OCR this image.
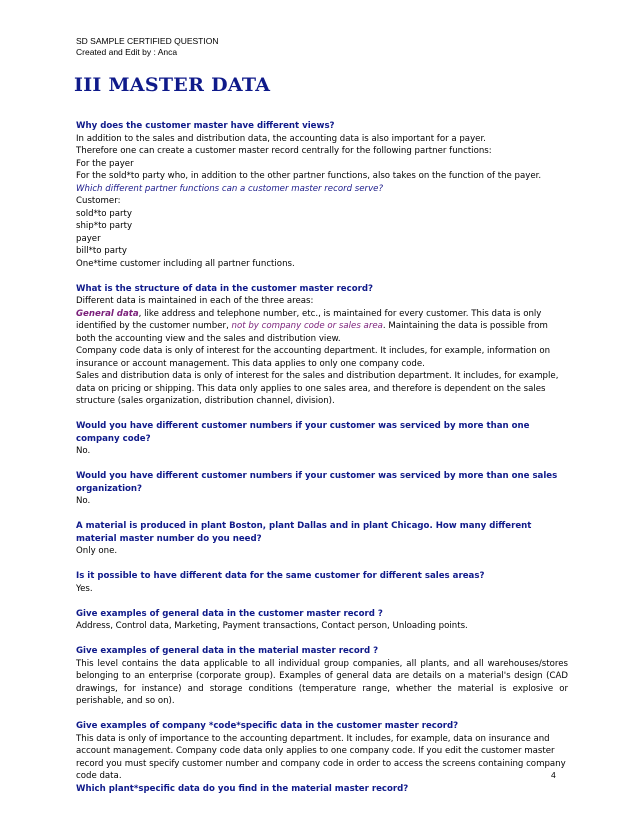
SD SAMPLE CERTIFIED QUESTION
Created and Edit by : Anca
III MASTER DATA
Why does the customer master have different views?
In addition to the sales and distribution data, the accounting data is also important for a payer.
Therefore one can create a customer master record centrally for the following partner functions:
For the payer
For the sold*to party who, in addition to the other partner functions, also takes on the function of the payer.
Which different partner functions can a customer master record serve?
Customer:
sold*to party
ship*to party
payer
bill*to party
One*time customer including all partner functions.
What is the structure of data in the customer master record?
Different data is maintained in each of the three areas:
General data, like address and telephone number, etc., is maintained for every customer. This data is only identified by the customer number, not by company code or sales area. Maintaining the data is possible from both the accounting view and the sales and distribution view.
Company code data is only of interest for the accounting department. It includes, for example, information on insurance or account management. This data applies to only one company code.
Sales and distribution data is only of interest for the sales and distribution department. It includes, for example, data on pricing or shipping. This data only applies to one sales area, and therefore is dependent on the sales structure (sales organization, distribution channel, division).
Would you have different customer numbers if your customer was serviced by more than one company code?
No.
Would you have different customer numbers if your customer was serviced by more than one sales organization?
No.
A material is produced in plant Boston, plant Dallas and in plant Chicago. How many different material master number do you need?
Only one.
Is it possible to have different data for the same customer for different sales areas?
Yes.
Give examples of general data in the customer master record ?
Address, Control data, Marketing, Payment transactions, Contact person, Unloading points.
Give examples of general data in the material master record ?
This level contains the data applicable to all individual group companies, all plants, and all warehouses/stores belonging to an enterprise (corporate group). Examples of general data are details on a material's design (CAD drawings, for instance) and storage conditions (temperature range, whether the material is explosive or perishable, and so on).
Give examples of company *code*specific data in the customer master record?
This data is only of importance to the accounting department. It includes, for example, data on insurance and account management. Company code data only applies to one company code. If you edit the customer master record you must specify customer number and company code in order to access the screens containing company code data.
Which plant*specific data do you find in the material master record?
4
